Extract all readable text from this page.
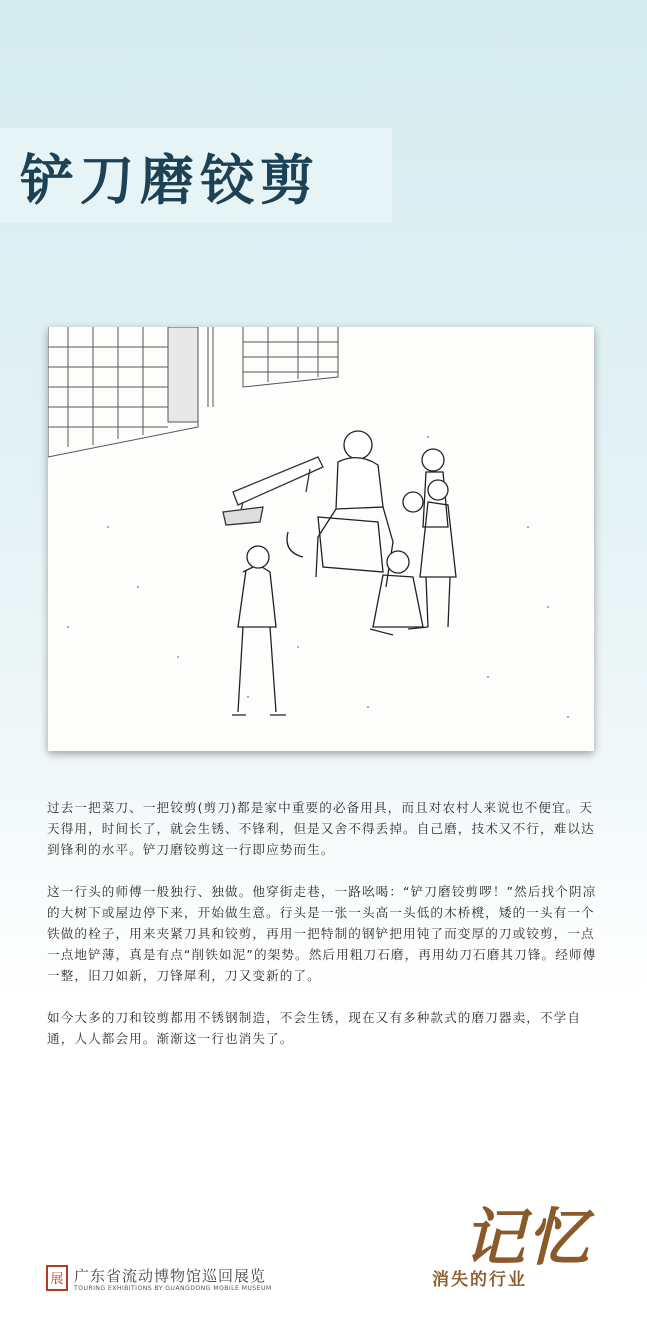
铲刀磨铰剪

过去一把菜刀、一把铰剪(剪刀)都是家中重要的必备用具，而且对农村人来说也不便宜。天天得用，时间长了，就会生锈、不锋利，但是又舍不得丢掉。自己磨，技术又不行，难以达到锋利的水平。铲刀磨铰剪这一行即应势而生。

这一行头的师傅一般独行、独做。他穿街走巷，一路吆喝：“铲刀磨铰剪啰！”然后找个阴凉的大树下或屋边停下来，开始做生意。行头是一张一头高一头低的木桥櫈，矮的一头有一个铁做的栓子，用来夹紧刀具和铰剪，再用一把特制的钢铲把用钝了而变厚的刀或铰剪，一点一点地铲薄，真是有点“削铁如泥”的架势。然后用粗刀石磨，再用幼刀石磨其刀锋。经师傅一整，旧刀如新，刀锋犀利，刀又变新的了。

如今大多的刀和铰剪都用不锈钢制造，不会生锈，现在又有多种款式的磨刀器卖，不学自通，人人都会用。渐渐这一行也消失了。

展 广东省流动博物馆巡回展览
TOURING EXHIBITIONS BY GUANGDONG MOBILE MUSEUM
记忆
消失的行业
